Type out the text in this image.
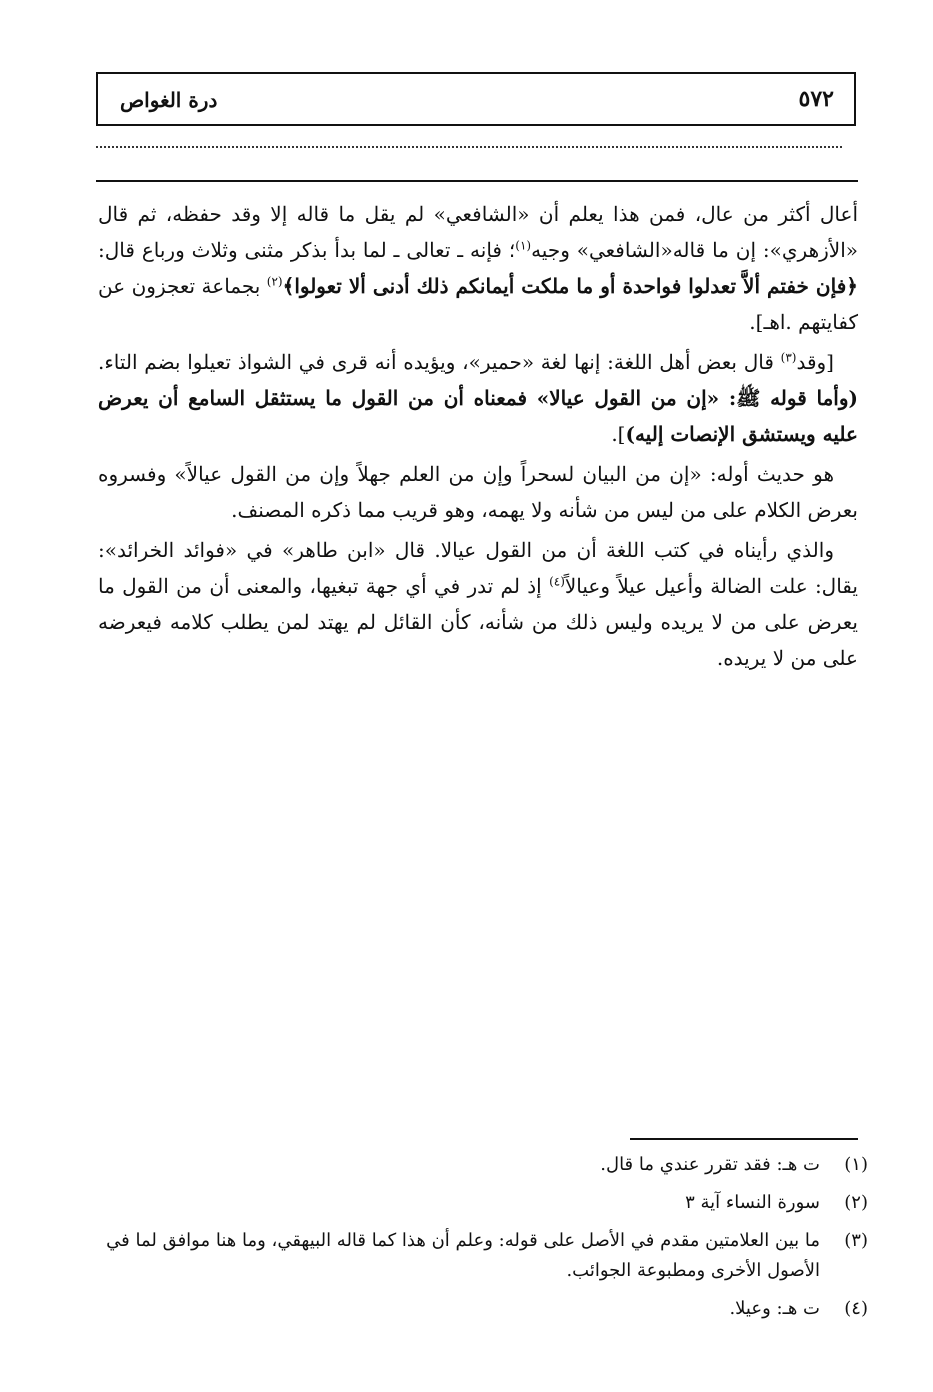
٥٧٢
درة الغواص

أعال أكثر من عال، فمن هذا يعلم أن «الشافعي» لم يقل ما قاله إلا وقد حفظه، ثم قال «الأزهري»: إن ما قاله«الشافعي» وجيه$^{(١)}$؛ فإنه ـ تعالى ـ لما بدأ بذكر مثنى وثلاث ورباع قال: ﴿فإن خفتم ألاَّ تعدلوا فواحدة أو ما ملكت أيمانكم ذلك أدنى ألا تعولوا﴾$^{(٢)}$ بجماعة تعجزون عن كفايتهم .اهـ].

[وقد$^{(٣)}$ قال بعض أهل اللغة: إنها لغة «حمير»، ويؤيده أنه قرى في الشواذ تعيلوا بضم التاء. (وأما قوله ﷺ: «إن من القول عيالا» فمعناه أن من القول ما يستثقل السامع أن يعرض عليه ويستشق الإنصات إليه)].

هو حديث أوله: «إن من البيان لسحراً وإن من العلم جهلاً وإن من القول عيالاً» وفسروه بعرض الكلام على من ليس من شأنه ولا يهمه، وهو قريب مما ذكره المصنف.

والذي رأيناه في كتب اللغة أن من القول عيالا. قال «ابن طاهر» في «فوائد الخرائد»: يقال: علت الضالة وأعيل عيلاً وعيالاً$^{(٤)}$ إذ لم تدر في أي جهة تبغيها، والمعنى أن من القول ما يعرض على من لا يريده وليس ذلك من شأنه، كأن القائل لم يهتد لمن يطلب كلامه فيعرضه على من لا يريده.

(١)
ت هـ: فقد تقرر عندي ما قال.
(٢)
سورة النساء آية ٣
(٣)
ما بين العلامتين مقدم في الأصل على قوله: وعلم أن هذا كما قاله البيهقي، وما هنا موافق لما في الأصول الأخرى ومطبوعة الجوائب.
(٤)
ت هـ: وعيلا.
